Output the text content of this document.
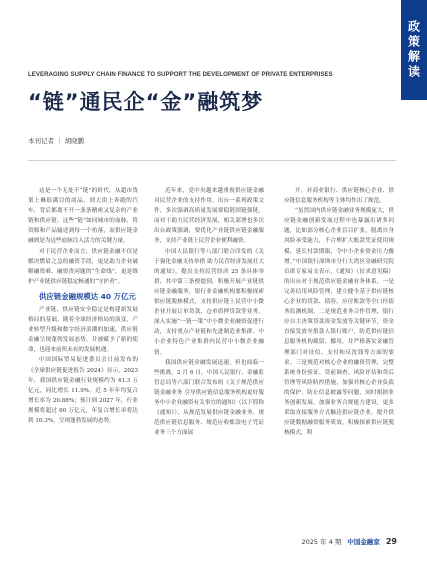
政策解读
LEVERAGING SUPPLY CHAIN FINANCE TO SUPPORT THE DEVELOPMENT OF PRIVATE ENTERPRISES
“链”通民企“金”融筑梦
本刊记者 ｜ 胡晓鹏

这是一个无处不“链”的时代。从超市货架上琳琅满目的商品，到大街上奔跑的汽车，背后都离不开一条条精密又复杂的产业链和供应链。这些“链”如同城市的血脉，将资源和产品输送到每一个角落，而供应链金融则是为这些血脉注入活力的关键力量。

对于民营企业而言，供应链金融不仅是解决燃眉之急的融资手段，更是助力企业破解融资难、融资贵问题的“生命线”，更是维护产业链供应链稳定畅通的“守护者”。

供应链金融规模达 40 万亿元

产业链、供应链安全稳定是构建新发展格局的基础。随着全球经济格局的演变，产业转型升级和数字经济浪潮的加速，供应链金融呈现蓬勃发展态势，并被赋予了新的使命，也迎来前所未有的发展机遇。

中国国际贸易促进委员会日前发布的《全球供应链促进报告 2024》显示，2023 年，我国供应链金融行业规模约为 41.3 万亿元，同比增长 11.9%，近 5 年年均复合增长率为 20.88%；预计到 2027 年，行业规模将超过 60 万亿元，年复合增长率将达到 10.3%，呈现蓬勃发展的态势。

近年来，党中央越来越重视供应链金融对民营企业的支持作用，出台一系列政策文件，多次强调高质量发展要稳链固链强链，而对于助力民营经济发展，相关部署也多次出台政策强调，要优化产业链供应链金融服务，支持产业链上民营企业便利融资。

中国人民银行等八部门联合印发的《关于强化金融支持举措 助力民营经济发展壮大的通知》，提出支持民营经济 25 条具体举措，其中第三条便提到，积极开展产业链供应链金融服务。银行业金融机构要积极探索供应链脱核模式，支持供应链上民营中小微企业开展订单贷款、仓单质押贷款等业务。深入实施“一链一策”中小微企业融资促进行动，支持重点产业链和先进制造业集群、中小企业特色产业集群内民营中小微企业融资。

我国供应链金融发展迅速，但也面临一些挑战。2 月 6 日，中国人民银行、金融监管总局等六部门联合发布的《关于规范供应链金融业务 引导供应链信息服务机构更好服务中小企业融资有关事宜的通知》（以下简称《通知》），从规范发展供应链金融业务、规范供应链信息服务、规范应收账款电子凭证业务三个方面展

开，对商业银行、供应链核心企业、供应链信息服务机构等主体均作出了规范。

“虽然国内供应链金融业务规模庞大，供应链金融创新发展过程中也暴露出诸多问题，比如部分核心企业盲目扩张，脱离自身风险承受能力，不合理扩大账款凭证使用规模、延长付款期限、令中小企业资金压力骤增。”中国银行深圳市分行大湾区金融研究院首席专家易文表示，《通知》（征求意见稿）的出台对于规范供应链金融业务体系，一是完善信用风险管理，建立健全基于供应链核心企业的贷款、债券、应付账款等全口径债务监测机制。二是规范业务合作管理，银行应自主决策贷款资金发放等关键环节，资金直接发放至借款人银行账户，防范供应链信息服务机构截留、挪用，并严格落实金融管理部门对征信、支付和反洗钱等方面的要求。三是规范对核心企业的融资管理，完整系统身份验证、贷前调查、风险评估和贷后管理等风险防控措施，加强对核心企业负债的保护，防止信息披露等问题，同时根据业务创新发展，加强业务合规能力建设，更多采取直接服务方式触达供应链企业，提升供应链数据融资服务质效，积极探索供应链脱核模式，利

2025 年 4 期 中国金融家 29
